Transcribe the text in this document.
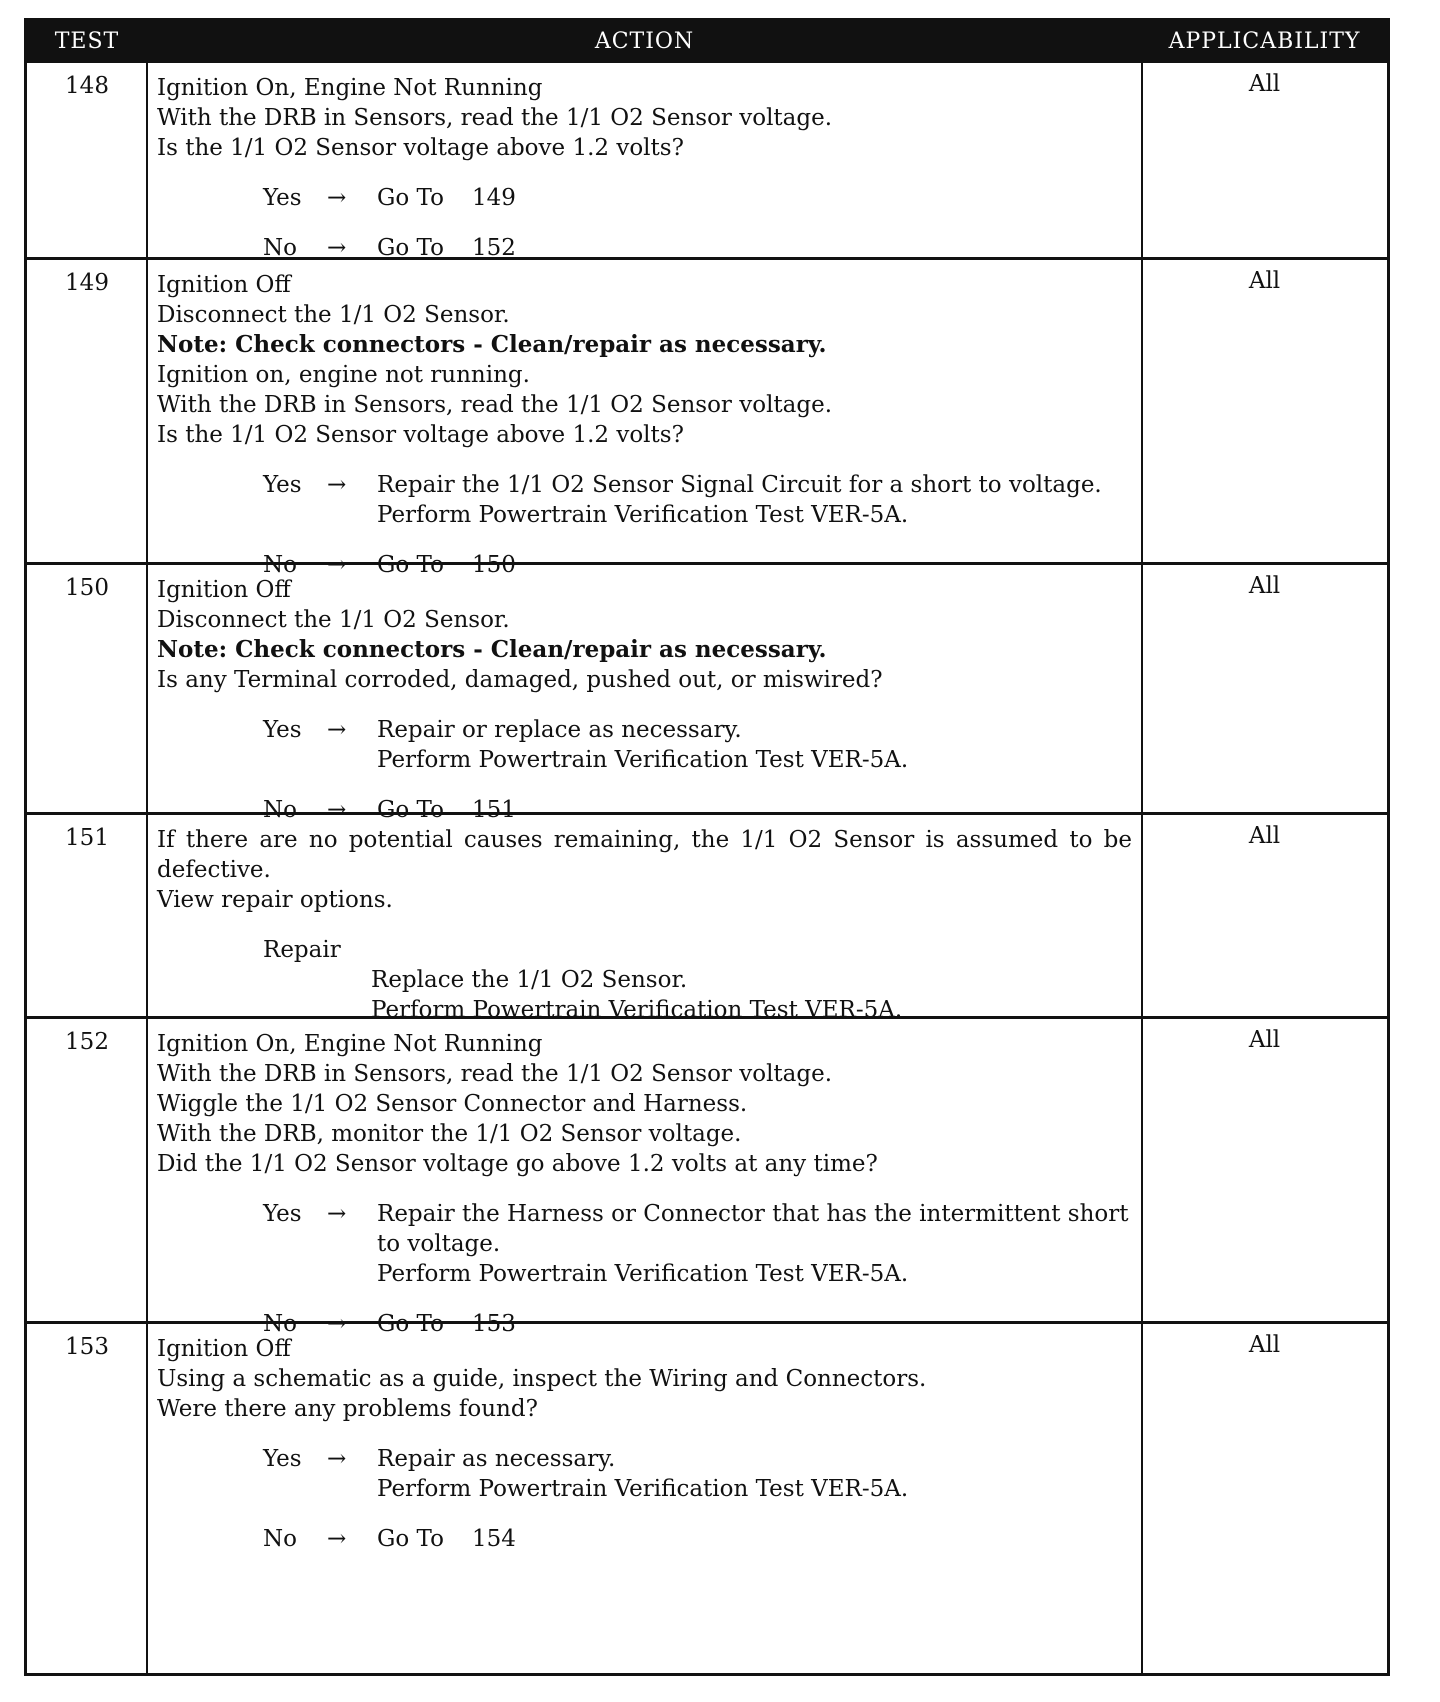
TEST	ACTION	APPLICABILITY
148	Ignition On, Engine Not Running
With the DRB in Sensors, read the 1/1 O2 Sensor voltage.
Is the 1/1 O2 Sensor voltage above 1.2 volts?
Yes → Go To 149
No → Go To 152
All
149	Ignition Off
Disconnect the 1/1 O2 Sensor.
Note: Check connectors - Clean/repair as necessary.
Ignition on, engine not running.
With the DRB in Sensors, read the 1/1 O2 Sensor voltage.
Is the 1/1 O2 Sensor voltage above 1.2 volts?
Yes → Repair the 1/1 O2 Sensor Signal Circuit for a short to voltage.
Perform Powertrain Verification Test VER-5A.
No → Go To 150
All
150	Ignition Off
Disconnect the 1/1 O2 Sensor.
Note: Check connectors - Clean/repair as necessary.
Is any Terminal corroded, damaged, pushed out, or miswired?
Yes → Repair or replace as necessary.
Perform Powertrain Verification Test VER-5A.
No → Go To 151
All
151	If there are no potential causes remaining, the 1/1 O2 Sensor is assumed to be defective.
View repair options.
Repair
Replace the 1/1 O2 Sensor.
Perform Powertrain Verification Test VER-5A.
All
152	Ignition On, Engine Not Running
With the DRB in Sensors, read the 1/1 O2 Sensor voltage.
Wiggle the 1/1 O2 Sensor Connector and Harness.
With the DRB, monitor the 1/1 O2 Sensor voltage.
Did the 1/1 O2 Sensor voltage go above 1.2 volts at any time?
Yes → Repair the Harness or Connector that has the intermittent short
to voltage.
Perform Powertrain Verification Test VER-5A.
No → Go To 153
All
153	Ignition Off
Using a schematic as a guide, inspect the Wiring and Connectors.
Were there any problems found?
Yes → Repair as necessary.
Perform Powertrain Verification Test VER-5A.
No → Go To 154
All
